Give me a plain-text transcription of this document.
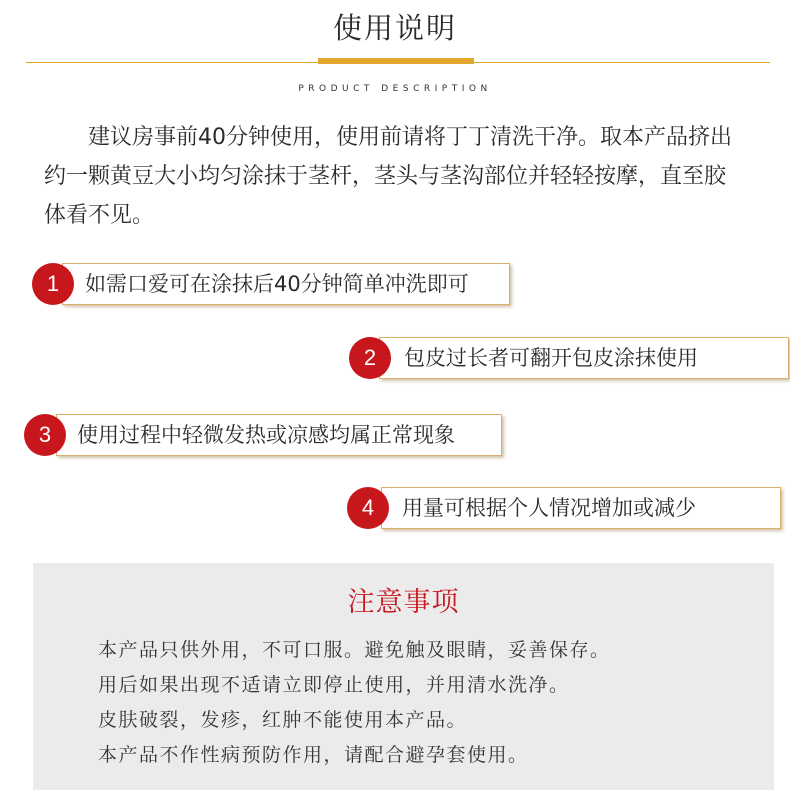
使用说明
PRODUCT DESCRIPTION

建议房事前40分钟使用，使用前请将丁丁清洗干净。取本产品挤出约一颗黄豆大小均匀涂抹于茎杆，茎头与茎沟部位并轻轻按摩，直至胶体看不见。

如需口爱可在涂抹后40分钟简单冲洗即可
1
包皮过长者可翻开包皮涂抹使用
2
使用过程中轻微发热或凉感均属正常现象
3
用量可根据个人情况增加或减少
4
注意事项
本产品只供外用，不可口服。避免触及眼睛，妥善保存。
用后如果出现不适请立即停止使用，并用清水洗净。
皮肤破裂，发疹，红肿不能使用本产品。
本产品不作性病预防作用，请配合避孕套使用。
